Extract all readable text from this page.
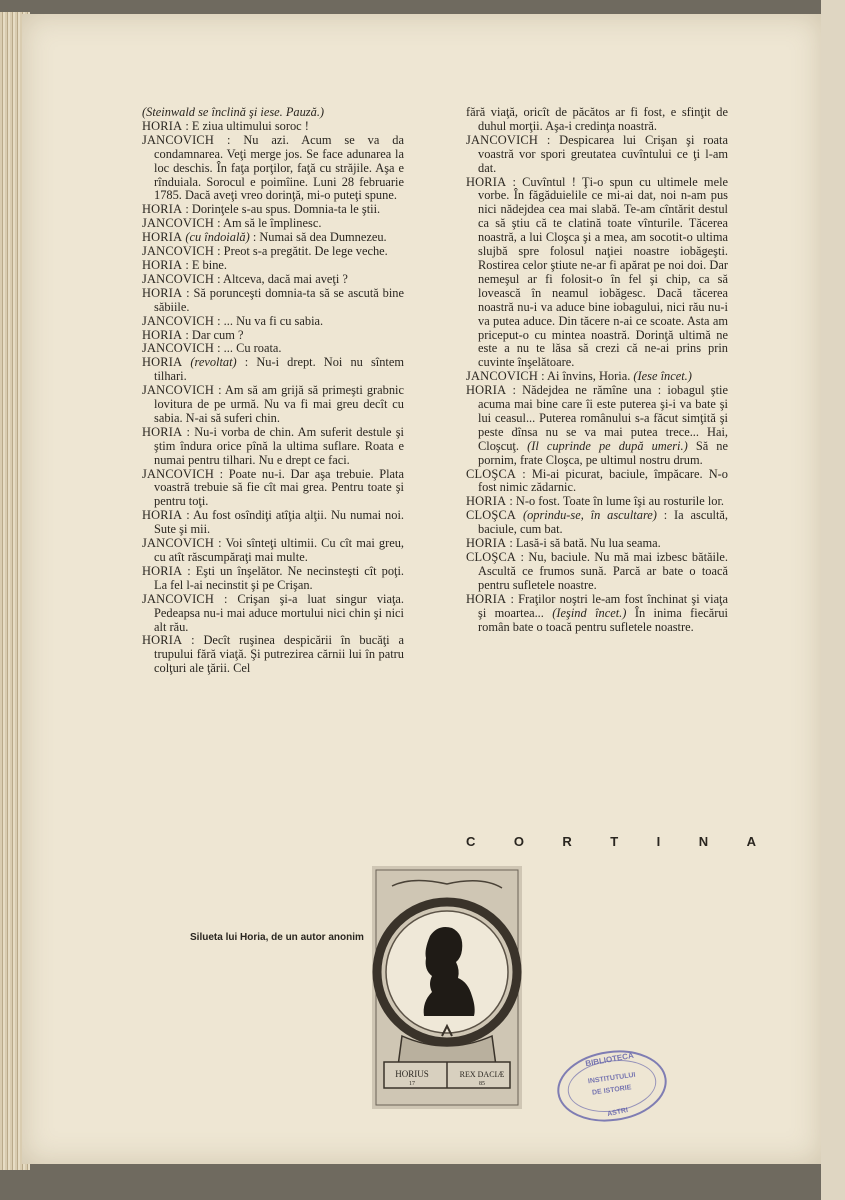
(Steinwald se înclină şi iese. Pauză.)

HORIA : E ziua ultimului soroc !

JANCOVICH : Nu azi. Acum se va da condamnarea. Veţi merge jos. Se face adunarea la loc deschis. În faţa porţilor, faţă cu străjile. Aşa e rînduiala. Sorocul e poimîine. Luni 28 februarie 1785. Dacă aveţi vreo dorinţă, mi-o puteţi spune.

HORIA : Dorinţele s-au spus. Domnia-ta le ştii.

JANCOVICH : Am să le împlinesc.

HORIA (cu îndoială) : Numai să dea Dumnezeu.

JANCOVICH : Preot s-a pregătit. De lege veche.

HORIA : E bine.

JANCOVICH : Altceva, dacă mai aveţi ?

HORIA : Să porunceşti domnia-ta să se ascută bine săbiile.

JANCOVICH : ... Nu va fi cu sabia.

HORIA : Dar cum ?

JANCOVICH : ... Cu roata.

HORIA (revoltat) : Nu-i drept. Noi nu sîntem tilhari.

JANCOVICH : Am să am grijă să primeşti grabnic lovitura de pe urmă. Nu va fi mai greu decît cu sabia. N-ai să suferi chin.

HORIA : Nu-i vorba de chin. Am suferit destule şi ştim îndura orice pînă la ultima suflare. Roata e numai pentru tilhari. Nu e drept ce faci.

JANCOVICH : Poate nu-i. Dar aşa trebuie. Plata voastră trebuie să fie cît mai grea. Pentru toate şi pentru toţi.

HORIA : Au fost osîndiţi atîţia alţii. Nu numai noi. Sute şi mii.

JANCOVICH : Voi sînteţi ultimii. Cu cît mai greu, cu atît răscumpăraţi mai multe.

HORIA : Eşti un înşelător. Ne necinsteşti cît poţi. La fel l-ai necinstit şi pe Crişan.

JANCOVICH : Crişan şi-a luat singur viaţa. Pedeapsa nu-i mai aduce mortului nici chin şi nici alt rău.

HORIA : Decît ruşinea despicării în bucăţi a trupului fără viaţă. Şi putrezirea cărnii lui în patru colţuri ale ţării. Cel

fără viaţă, oricît de păcătos ar fi fost, e sfinţit de duhul morţii. Aşa-i credinţa noastră.

JANCOVICH : Despicarea lui Crişan şi roata voastră vor spori greutatea cuvîntului ce ţi l-am dat.

HORIA : Cuvîntul ! Ţi-o spun cu ultimele mele vorbe. În făgăduielile ce mi-ai dat, noi n-am pus nici nădejdea cea mai slabă. Te-am cîntărit destul ca să ştiu că te clatină toate vînturile. Tăcerea noastră, a lui Cloşca şi a mea, am socotit-o ultima slujbă spre folosul naţiei noastre iobăgeşti. Rostirea celor ştiute ne-ar fi apărat pe noi doi. Dar nemeşul ar fi folosit-o în fel şi chip, ca să lovească în neamul iobăgesc. Dacă tăcerea noastră nu-i va aduce bine iobagului, nici rău nu-i va putea aduce. Din tăcere n-ai ce scoate. Asta am priceput-o cu mintea noastră. Dorinţă ultimă ne este a nu te lăsa să crezi că ne-ai prins prin cuvinte înşelătoare.

JANCOVICH : Ai învins, Horia. (Iese încet.)

HORIA : Nădejdea ne rămîne una : iobagul ştie acuma mai bine care îi este puterea şi-i va bate şi lui ceasul... Puterea românului s-a făcut simţită şi peste dînsa nu se va mai putea trece... Hai, Cloşcuţ. (Il cuprinde pe după umeri.) Să ne pornim, frate Cloşca, pe ultimul nostru drum.

CLOŞCA : Mi-ai picurat, baciule, împăcare. N-o fost nimic zădarnic.

HORIA : N-o fost. Toate în lume îşi au rosturile lor.

CLOŞCA (oprindu-se, în ascultare) : Ia ascultă, baciule, cum bat.

HORIA : Lasă-i să bată. Nu lua seama.

CLOŞCA : Nu, baciule. Nu mă mai izbesc bătăile. Ascultă ce frumos sună. Parcă ar bate o toacă pentru sufletele noastre.

HORIA : Fraţilor noştri le-am fost închinat şi viaţa şi moartea... (Ieşind încet.) În inima fiecărui român bate o toacă pentru sufletele noastre.

C	O	R	T	I	N	A
Silueta lui Horia, de un autor anonim
HORIUS	REX DACIÆ
17	85
BIBLIOTECA
INSTITUTULUI
DE ISTORIE
ASTRI
